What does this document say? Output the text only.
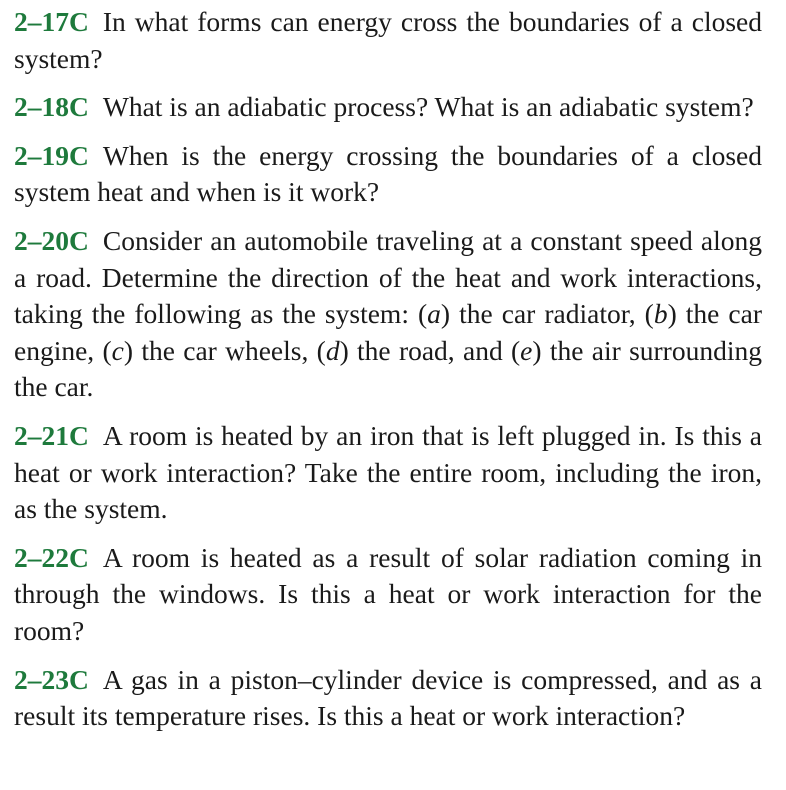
2–17C In what forms can energy cross the boundaries of a closed system?

2–18C What is an adiabatic process? What is an adiabatic system?

2–19C When is the energy crossing the boundaries of a closed system heat and when is it work?

2–20C Consider an automobile traveling at a constant speed along a road. Determine the direction of the heat and work interactions, taking the following as the system: (a) the car radiator, (b) the car engine, (c) the car wheels, (d) the road, and (e) the air surrounding the car.

2–21C A room is heated by an iron that is left plugged in. Is this a heat or work interaction? Take the entire room, including the iron, as the system.

2–22C A room is heated as a result of solar radiation coming in through the windows. Is this a heat or work interaction for the room?

2–23C A gas in a piston–cylinder device is compressed, and as a result its temperature rises. Is this a heat or work interaction?
